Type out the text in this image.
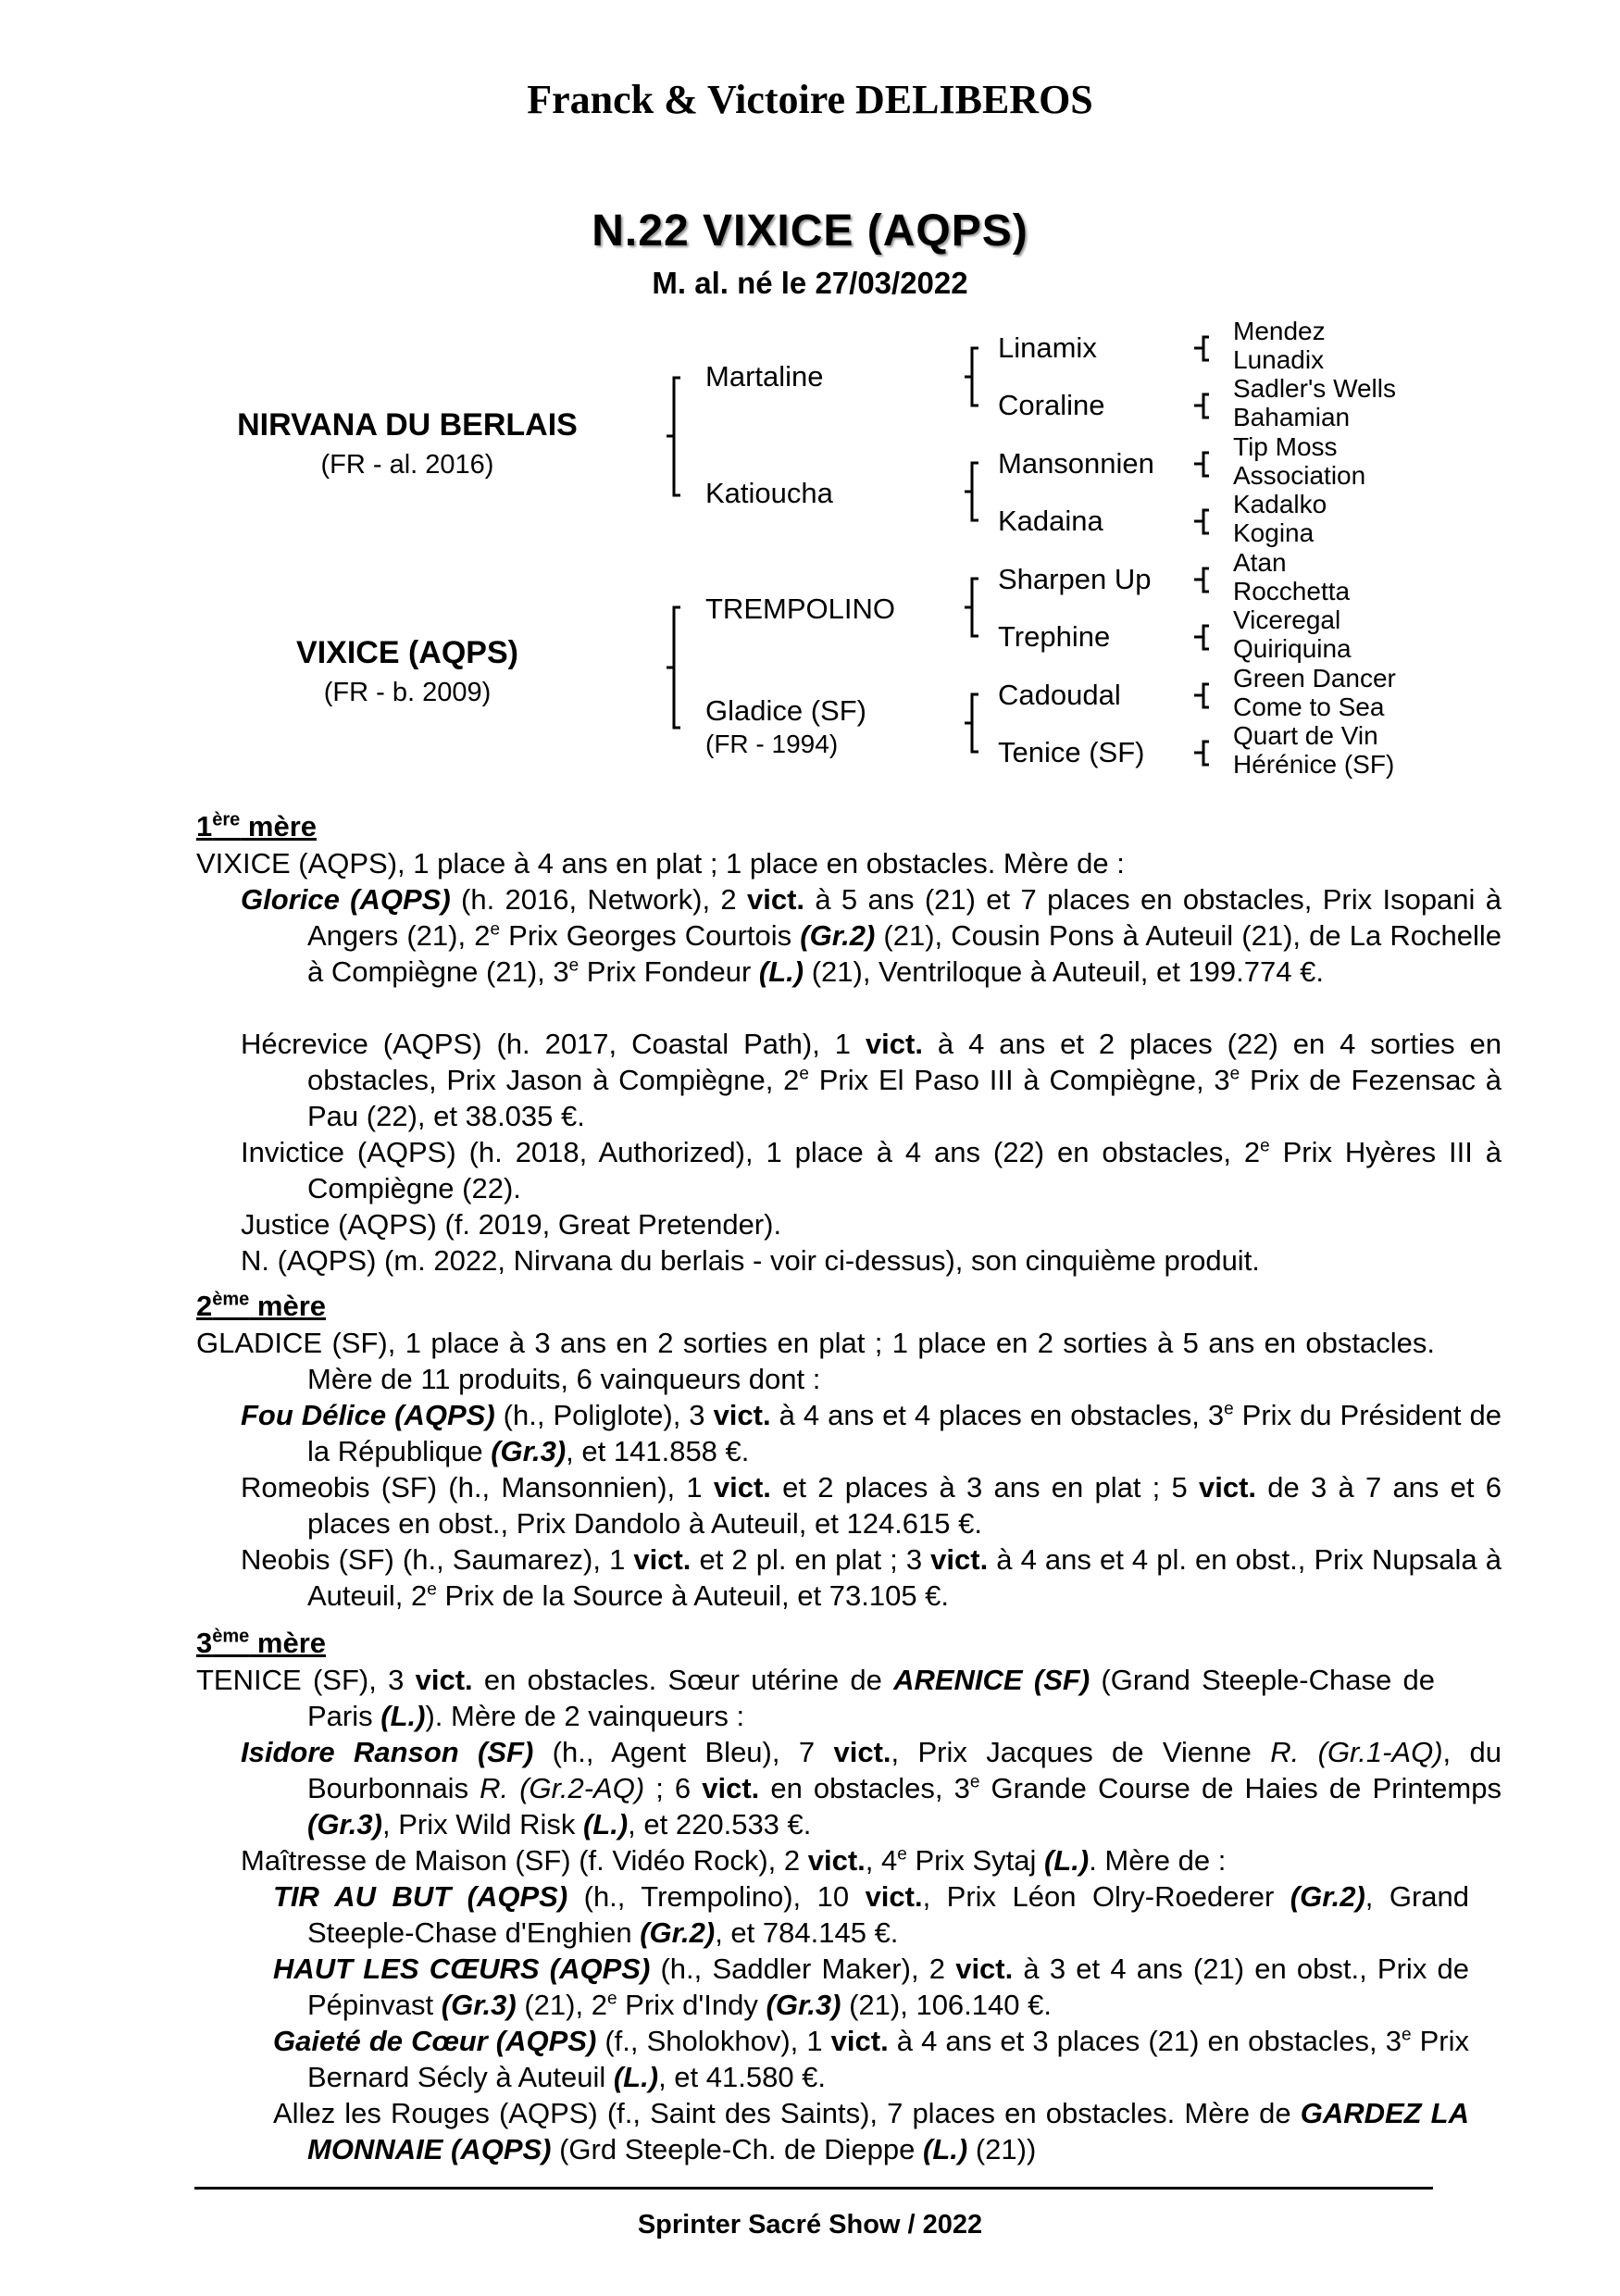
Franck & Victoire DELIBEROS
N.22 VIXICE (AQPS)
M. al. né le 27/03/2022
NIRVANA DU BERLAIS
(FR - al. 2016)
VIXICE (AQPS)
(FR - b. 2009)
Martaline
Katioucha
TREMPOLINO
Gladice (SF)
(FR - 1994)
Linamix
Coraline
Mansonnien
Kadaina
Sharpen Up
Trephine
Cadoudal
Tenice (SF)
Mendez
Lunadix
Sadler's Wells
Bahamian
Tip Moss
Association
Kadalko
Kogina
Atan
Rocchetta
Viceregal
Quiriquina
Green Dancer
Come to Sea
Quart de Vin
Hérénice (SF)
1ère mère
VIXICE (AQPS), 1 place à 4 ans en plat ; 1 place en obstacles. Mère de :
Glorice (AQPS) (h. 2016, Network), 2 vict. à 5 ans (21) et 7 places en obstacles, Prix Isopani à Angers (21), 2e Prix Georges Courtois (Gr.2) (21), Cousin Pons à Auteuil (21), de La Rochelle à Compiègne (21), 3e Prix Fondeur (L.) (21), Ventriloque à Auteuil, et 199.774 €.
Hécrevice (AQPS) (h. 2017, Coastal Path), 1 vict. à 4 ans et 2 places (22) en 4 sorties en obstacles, Prix Jason à Compiègne, 2e Prix El Paso III à Compiègne, 3e Prix de Fezensac à Pau (22), et 38.035 €.
Invictice (AQPS) (h. 2018, Authorized), 1 place à 4 ans (22) en obstacles, 2e Prix Hyères III à Compiègne (22).
Justice (AQPS) (f. 2019, Great Pretender).
N. (AQPS) (m. 2022, Nirvana du berlais - voir ci-dessus), son cinquième produit.
2ème mère
GLADICE (SF), 1 place à 3 ans en 2 sorties en plat ; 1 place en 2 sorties à 5 ans en obstacles. Mère de 11 produits, 6 vainqueurs dont :
Fou Délice (AQPS) (h., Poliglote), 3 vict. à 4 ans et 4 places en obstacles, 3e Prix du Président de la République (Gr.3), et 141.858 €.
Romeobis (SF) (h., Mansonnien), 1 vict. et 2 places à 3 ans en plat ; 5 vict. de 3 à 7 ans et 6 places en obst., Prix Dandolo à Auteuil, et 124.615 €.
Neobis (SF) (h., Saumarez), 1 vict. et 2 pl. en plat ; 3 vict. à 4 ans et 4 pl. en obst., Prix Nupsala à Auteuil, 2e Prix de la Source à Auteuil, et 73.105 €.
3ème mère
TENICE (SF), 3 vict. en obstacles. Sœur utérine de ARENICE (SF) (Grand Steeple-Chase de Paris (L.)). Mère de 2 vainqueurs :
Isidore Ranson (SF) (h., Agent Bleu), 7 vict., Prix Jacques de Vienne R. (Gr.1-AQ), du Bourbonnais R. (Gr.2-AQ) ; 6 vict. en obstacles, 3e Grande Course de Haies de Printemps (Gr.3), Prix Wild Risk (L.), et 220.533 €.
Maîtresse de Maison (SF) (f. Vidéo Rock), 2 vict., 4e Prix Sytaj (L.). Mère de :
TIR AU BUT (AQPS) (h., Trempolino), 10 vict., Prix Léon Olry-Roederer (Gr.2), Grand Steeple-Chase d'Enghien (Gr.2), et 784.145 €.
HAUT LES CŒURS (AQPS) (h., Saddler Maker), 2 vict. à 3 et 4 ans (21) en obst., Prix de Pépinvast (Gr.3) (21), 2e Prix d'Indy (Gr.3) (21), 106.140 €.
Gaieté de Cœur (AQPS) (f., Sholokhov), 1 vict. à 4 ans et 3 places (21) en obstacles, 3e Prix Bernard Sécly à Auteuil (L.), et 41.580 €.
Allez les Rouges (AQPS) (f., Saint des Saints), 7 places en obstacles. Mère de GARDEZ LA MONNAIE (AQPS) (Grd Steeple-Ch. de Dieppe (L.) (21))
Sprinter Sacré Show / 2022
